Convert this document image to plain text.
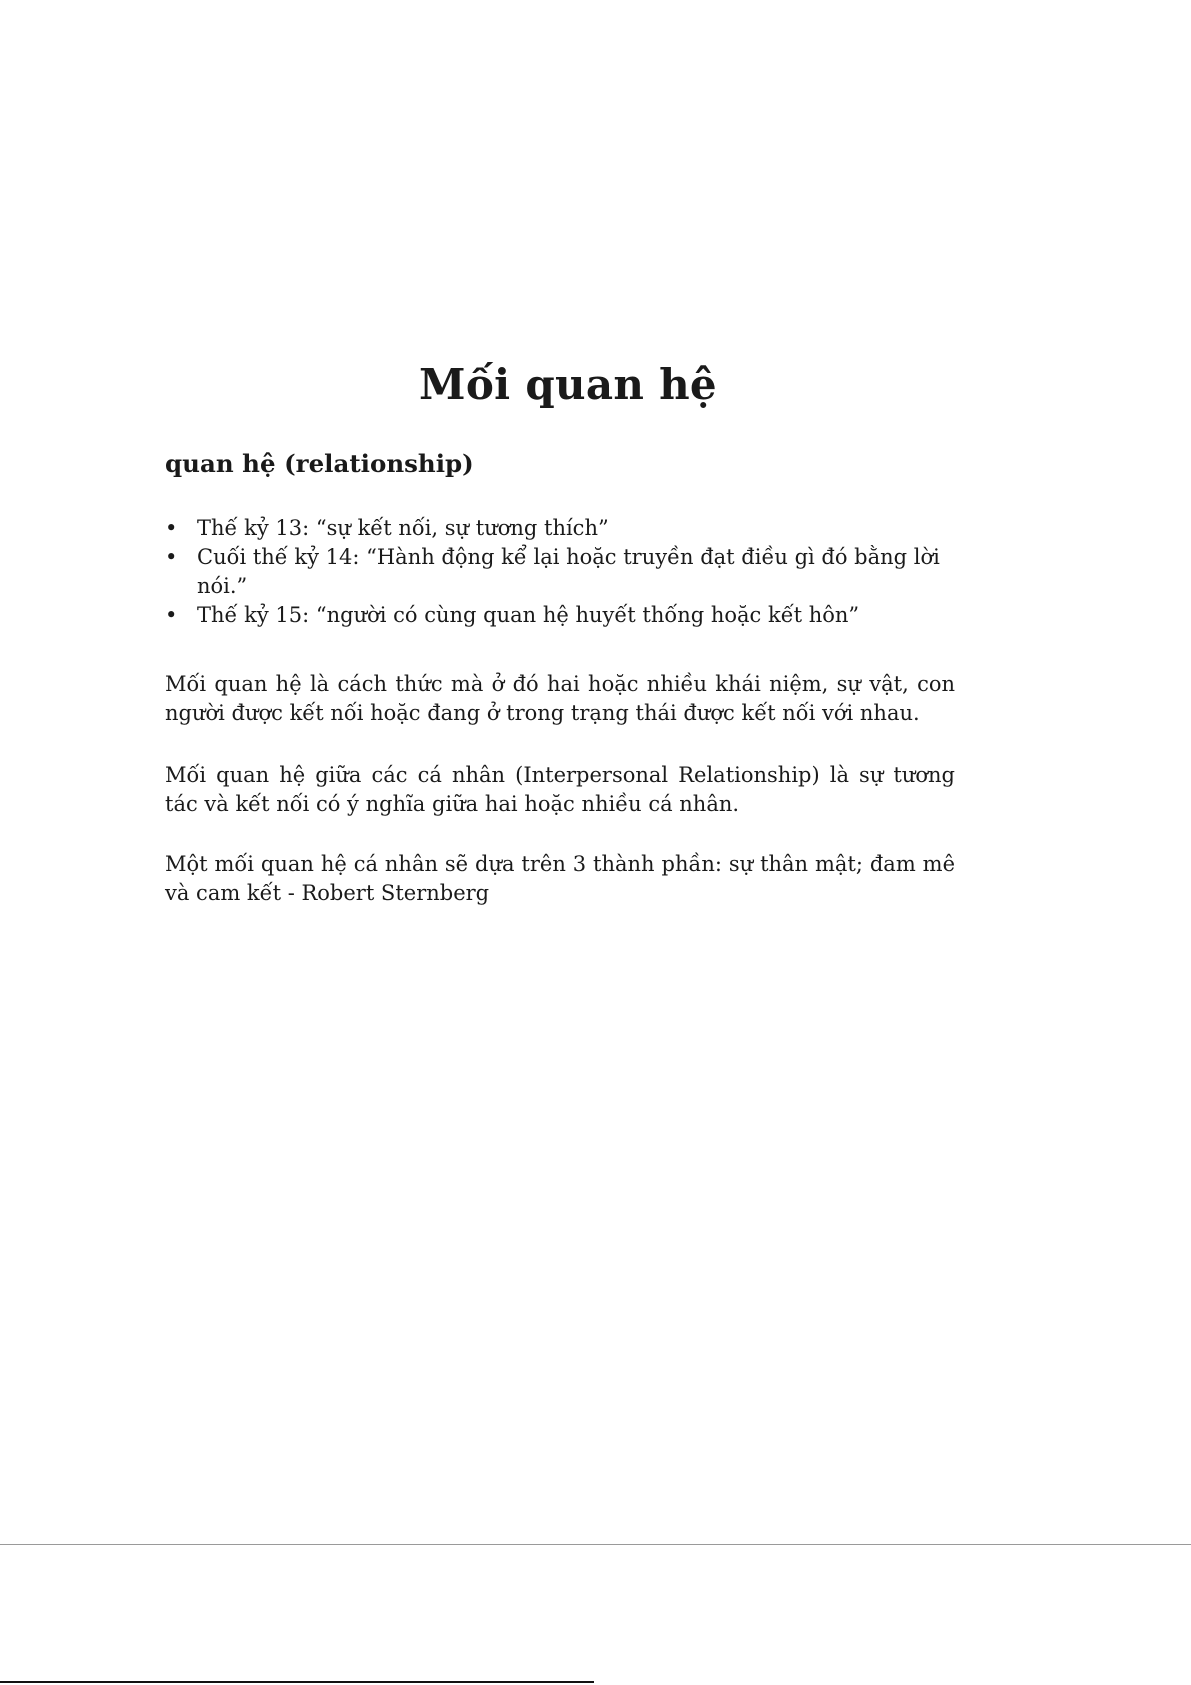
Mối quan hệ
quan hệ (relationship)
• Thế kỷ 13: “sự kết nối, sự tương thích”
• Cuối thế kỷ 14: “Hành động kể lại hoặc truyền đạt điều gì đó bằng lời nói.”
• Thế kỷ 15: “người có cùng quan hệ huyết thống hoặc kết hôn”

Mối quan hệ là cách thức mà ở đó hai hoặc nhiều khái niệm, sự vật, con người được kết nối hoặc đang ở trong trạng thái được kết nối với nhau.

Mối quan hệ giữa các cá nhân (Interpersonal Relationship) là sự tương tác và kết nối có ý nghĩa giữa hai hoặc nhiều cá nhân.

Một mối quan hệ cá nhân sẽ dựa trên 3 thành phần: sự thân mật; đam mê và cam kết - Robert Sternberg
